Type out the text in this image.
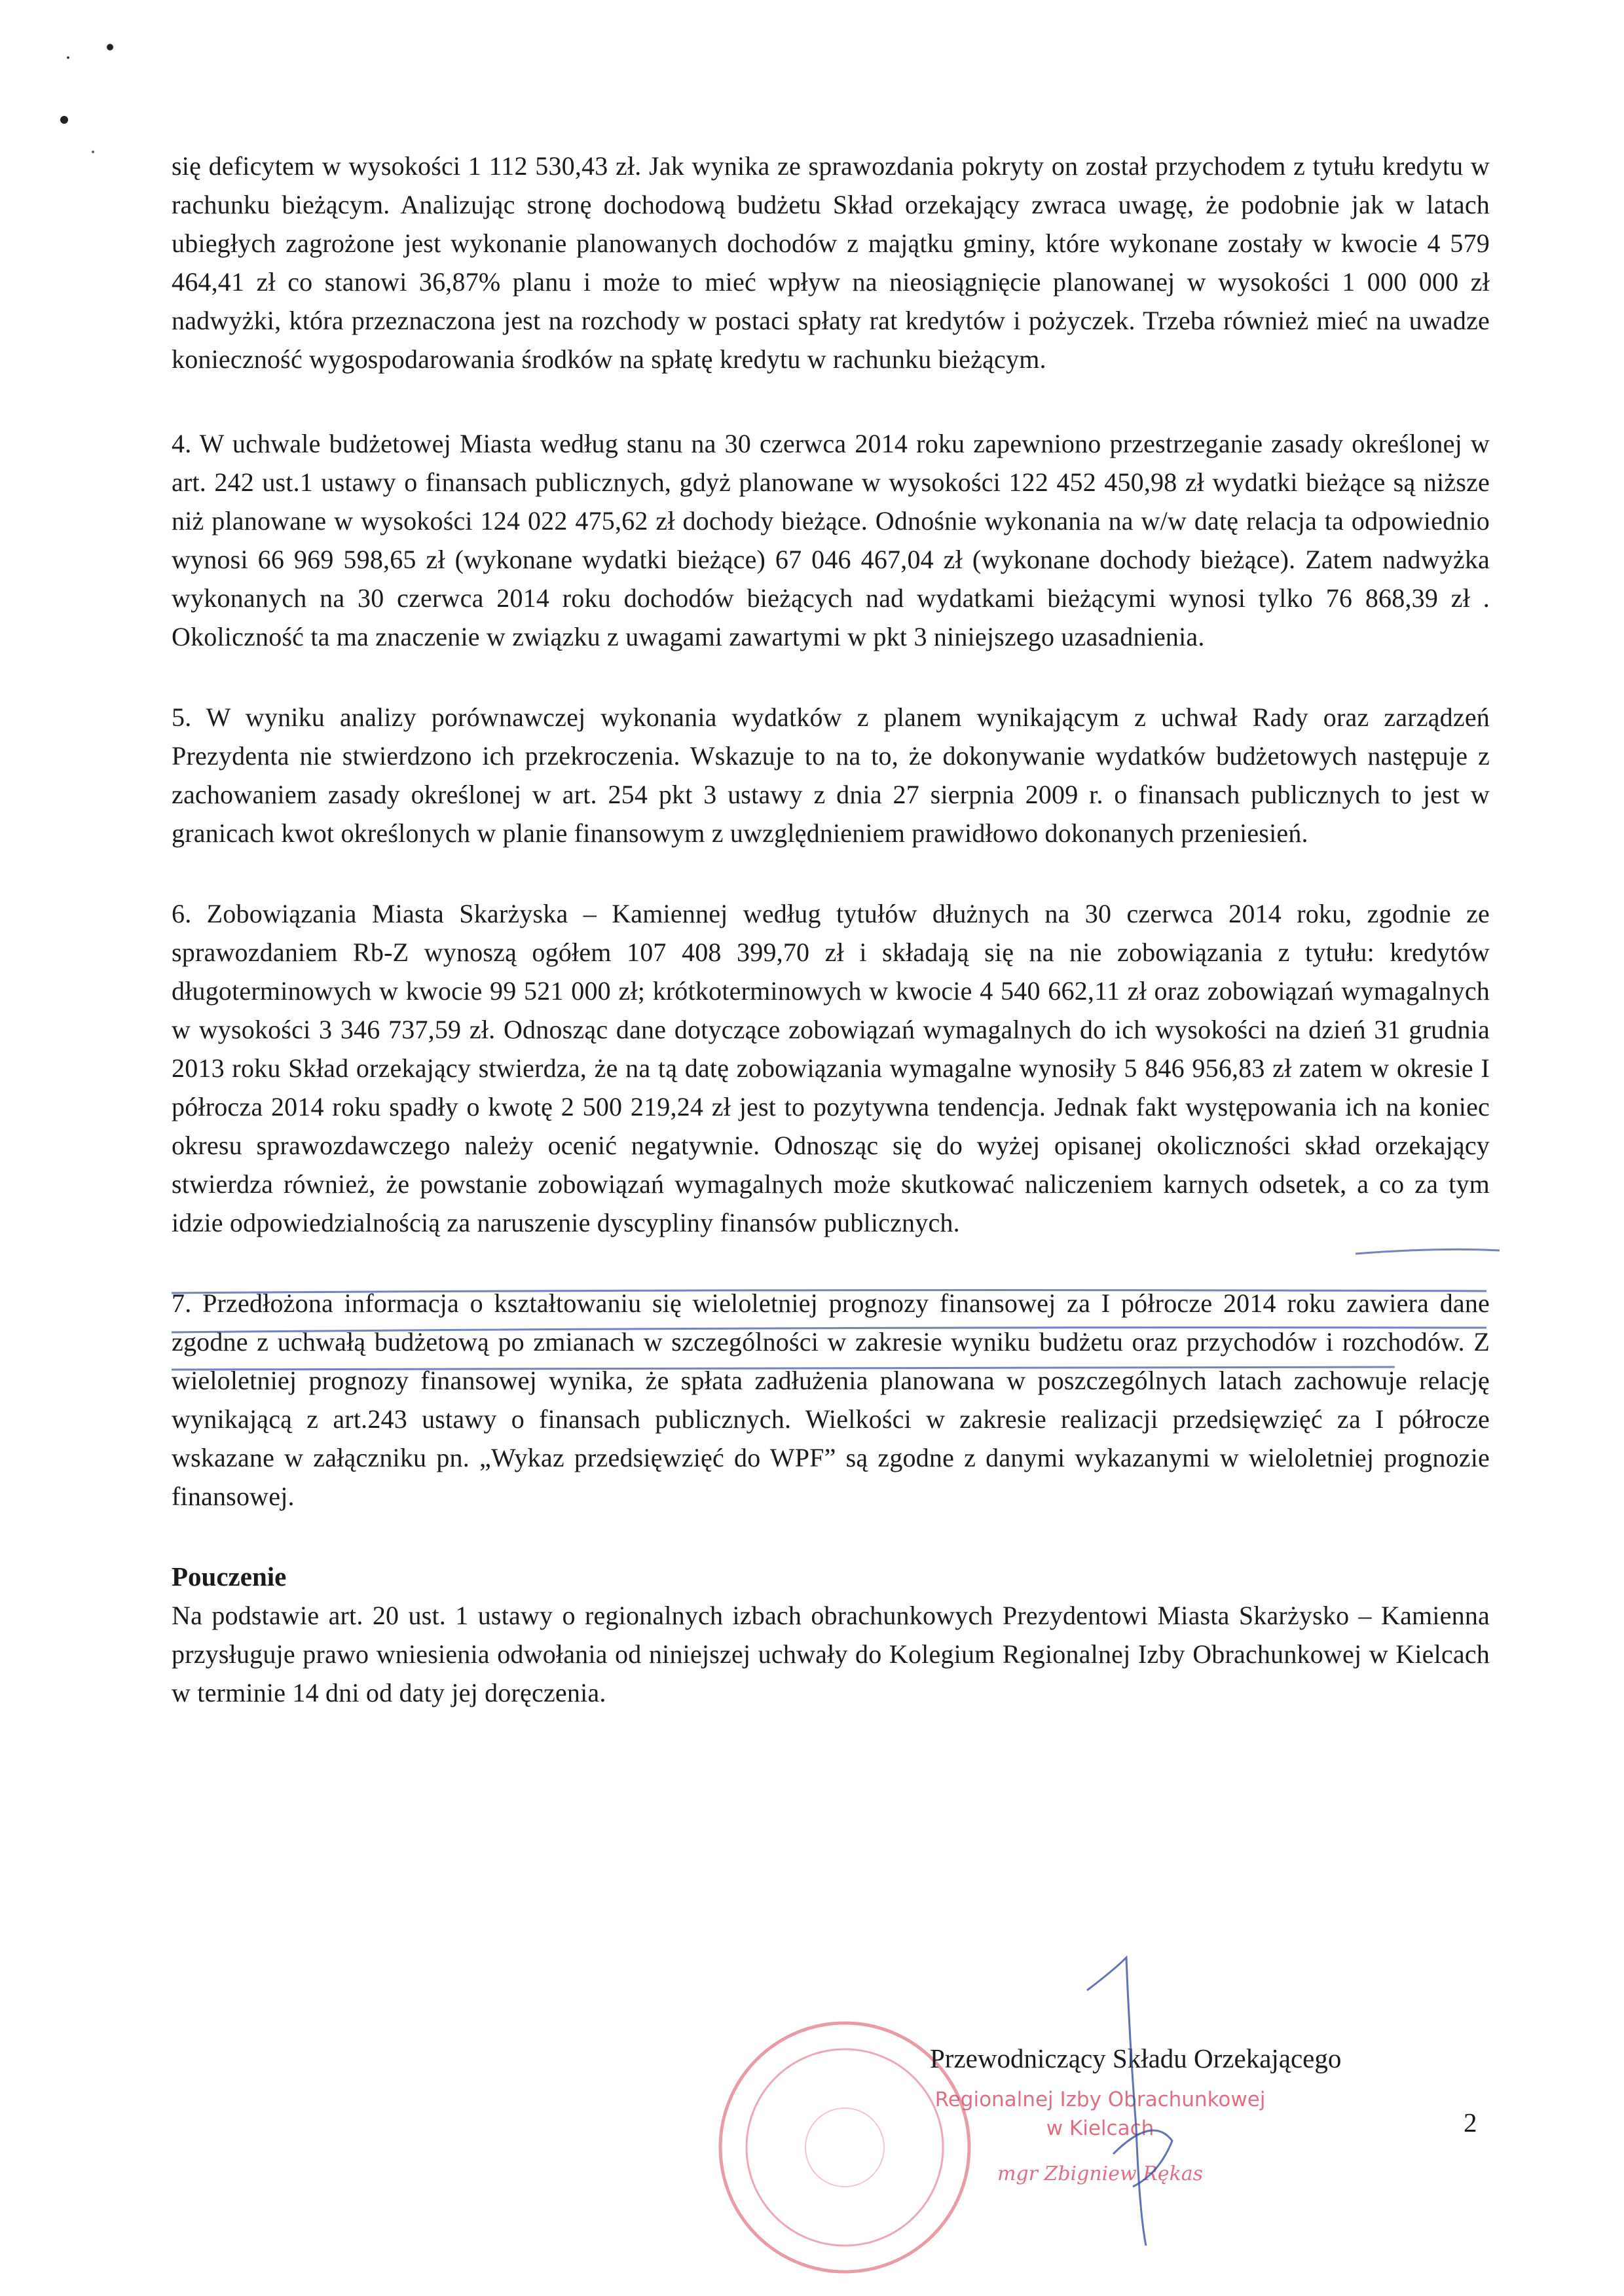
się deficytem w wysokości 1 112 530,43 zł. Jak wynika ze sprawozdania pokryty on został przychodem z tytułu kredytu w rachunku bieżącym. Analizując stronę dochodową budżetu Skład orzekający zwraca uwagę, że podobnie jak w latach ubiegłych zagrożone jest wykonanie planowanych dochodów z majątku gminy, które wykonane zostały w kwocie 4 579 464,41 zł co stanowi 36,87% planu i może to mieć wpływ na nieosiągnięcie planowanej w wysokości 1 000 000 zł nadwyżki, która przeznaczona jest na rozchody w postaci spłaty rat kredytów i pożyczek. Trzeba również mieć na uwadze konieczność wygospodarowania środków na spłatę kredytu w rachunku bieżącym.

4. W uchwale budżetowej Miasta według stanu na 30 czerwca 2014 roku zapewniono przestrzeganie zasady określonej w art. 242 ust.1 ustawy o finansach publicznych, gdyż planowane w wysokości 122 452 450,98 zł wydatki bieżące są niższe niż planowane w wysokości 124 022 475,62 zł dochody bieżące. Odnośnie wykonania na w/w datę relacja ta odpowiednio wynosi 66 969 598,65 zł (wykonane wydatki bieżące) 67 046 467,04 zł (wykonane dochody bieżące). Zatem nadwyżka wykonanych na 30 czerwca 2014 roku dochodów bieżących nad wydatkami bieżącymi wynosi tylko 76 868,39 zł . Okoliczność ta ma znaczenie w związku z uwagami zawartymi w pkt 3 niniejszego uzasadnienia.

5. W wyniku analizy porównawczej wykonania wydatków z planem wynikającym z uchwał Rady oraz zarządzeń Prezydenta nie stwierdzono ich przekroczenia. Wskazuje to na to, że dokonywanie wydatków budżetowych następuje z zachowaniem zasady określonej w art. 254 pkt 3 ustawy z dnia 27 sierpnia 2009 r. o finansach publicznych to jest w granicach kwot określonych w planie finansowym z uwzględnieniem prawidłowo dokonanych przeniesień.

6. Zobowiązania Miasta Skarżyska – Kamiennej według tytułów dłużnych na 30 czerwca 2014 roku, zgodnie ze sprawozdaniem Rb-Z wynoszą ogółem 107 408 399,70 zł i składają się na nie zobowiązania z tytułu: kredytów długoterminowych w kwocie 99 521 000 zł; krótkoterminowych w kwocie 4 540 662,11 zł oraz zobowiązań wymagalnych w wysokości 3 346 737,59 zł. Odnosząc dane dotyczące zobowiązań wymagalnych do ich wysokości na dzień 31 grudnia 2013 roku Skład orzekający stwierdza, że na tą datę zobowiązania wymagalne wynosiły 5 846 956,83 zł zatem w okresie I półrocza 2014 roku spadły o kwotę 2 500 219,24 zł jest to pozytywna tendencja. Jednak fakt występowania ich na koniec okresu sprawozdawczego należy ocenić negatywnie. Odnosząc się do wyżej opisanej okoliczności skład orzekający stwierdza również, że powstanie zobowiązań wymagalnych może skutkować naliczeniem karnych odsetek, a co za tym idzie odpowiedzialnością za naruszenie dyscypliny finansów publicznych.

7. Przedłożona informacja o kształtowaniu się wieloletniej prognozy finansowej za I półrocze 2014 roku zawiera dane zgodne z uchwałą budżetową po zmianach w szczególności w zakresie wyniku budżetu oraz przychodów i rozchodów. Z wieloletniej prognozy finansowej wynika, że spłata zadłużenia planowana w poszczególnych latach zachowuje relację wynikającą z art.243 ustawy o finansach publicznych. Wielkości w zakresie realizacji przedsięwzięć za I półrocze wskazane w załączniku pn. „Wykaz przedsięwzięć do WPF” są zgodne z danymi wykazanymi w wieloletniej prognozie finansowej.

Pouczenie

Na podstawie art. 20 ust. 1 ustawy o regionalnych izbach obrachunkowych Prezydentowi Miasta Skarżysko – Kamienna przysługuje prawo wniesienia odwołania od niniejszej uchwały do Kolegium Regionalnej Izby Obrachunkowej w Kielcach w terminie 14 dni od daty jej doręczenia.

Przewodniczący Składu Orzekającego
Regionalnej Izby Obrachunkowej
w Kielcach
mgr Zbigniew Rękas
2
